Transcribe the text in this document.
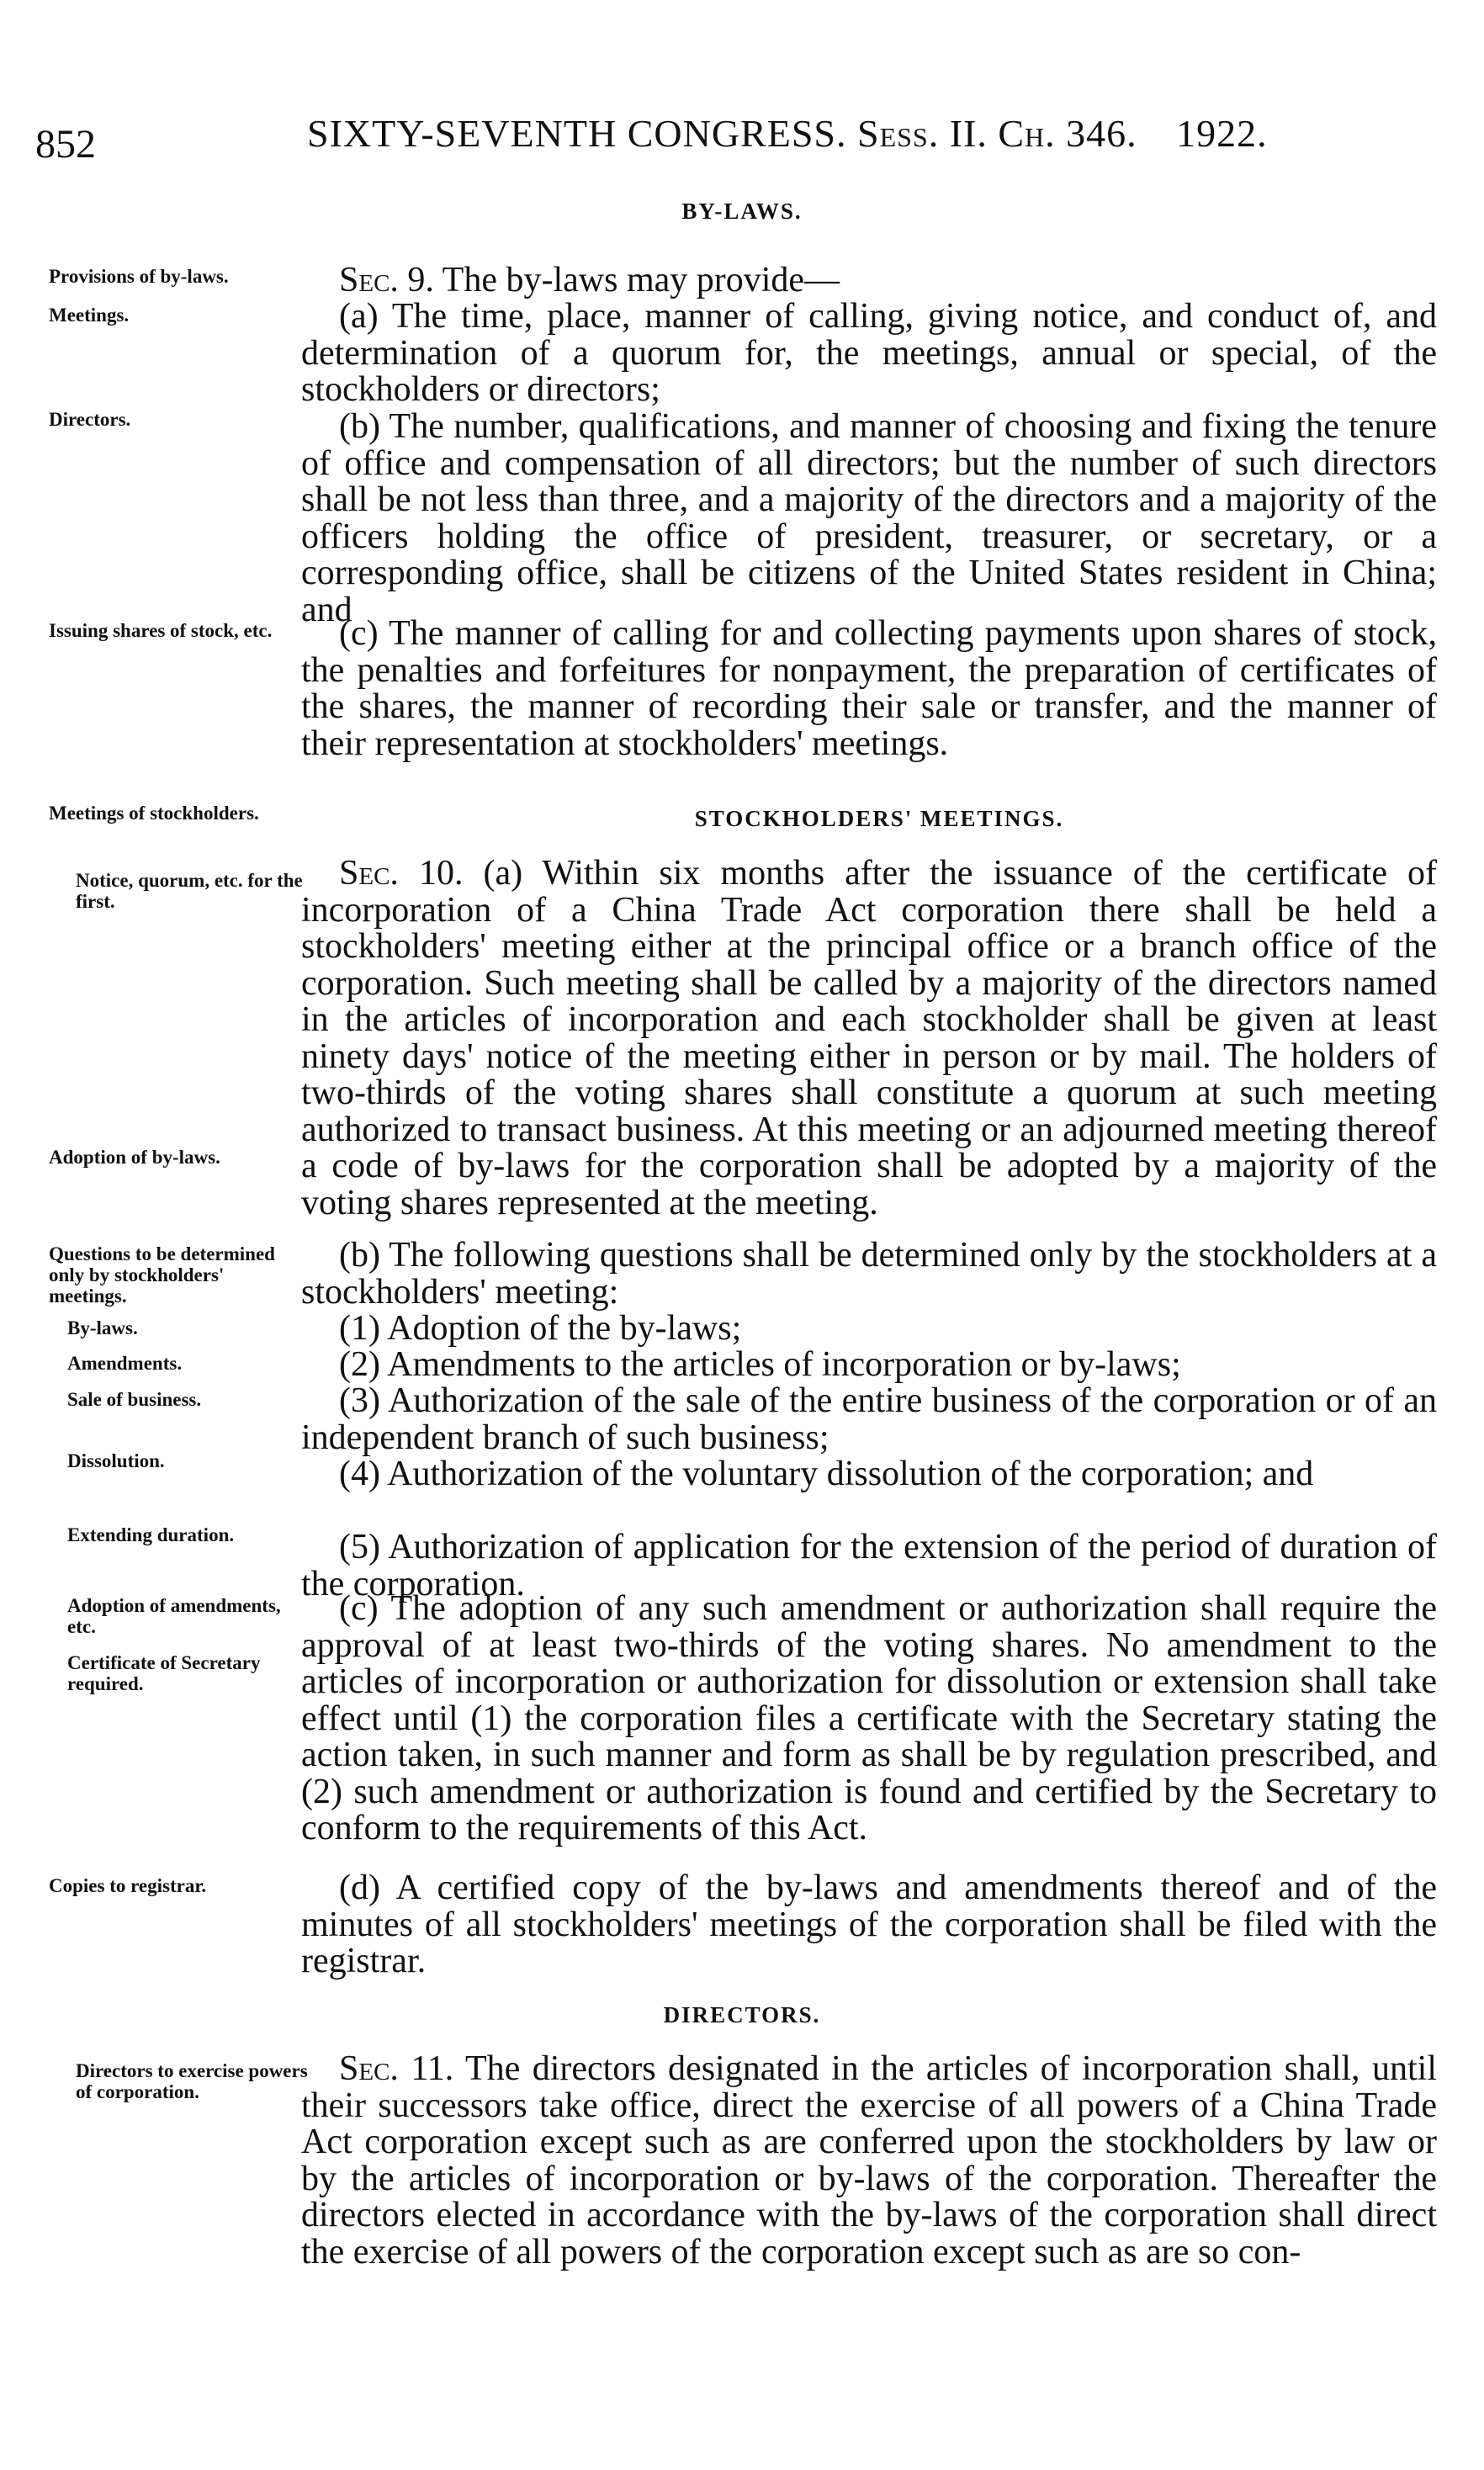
852	SIXTY-SEVENTH CONGRESS. Sess. II. Ch. 346. 1922.
BY-LAWS.
Provisions of by-laws.
Meetings.
Directors.
Issuing shares of stock, etc.
Sec. 9. The by-laws may provide—
(a) The time, place, manner of calling, giving notice, and conduct of, and determination of a quorum for, the meetings, annual or special, of the stockholders or directors;
(b) The number, qualifications, and manner of choosing and fixing the tenure of office and compensation of all directors; but the number of such directors shall be not less than three, and a majority of the directors and a majority of the officers holding the office of president, treasurer, or secretary, or a corresponding office, shall be citizens of the United States resident in China; and
(c) The manner of calling for and collecting payments upon shares of stock, the penalties and forfeitures for nonpayment, the preparation of certificates of the shares, the manner of recording their sale or transfer, and the manner of their representation at stockholders' meetings.
Meetings of stockholders.	STOCKHOLDERS' MEETINGS.
Notice, quorum, etc. for the first.
Adoption of by-laws.
Questions to be determined only by stockholders' meetings.
By-laws.
Amendments.
Sale of business.
Dissolution.
Extending duration.
Adoption of amendments, etc.
Certificate of Secretary required.
Copies to registrar.
Sec. 10. (a) Within six months after the issuance of the certificate of incorporation of a China Trade Act corporation there shall be held a stockholders' meeting either at the principal office or a branch office of the corporation. Such meeting shall be called by a majority of the directors named in the articles of incorporation and each stockholder shall be given at least ninety days' notice of the meeting either in person or by mail. The holders of two-thirds of the voting shares shall constitute a quorum at such meeting authorized to transact business. At this meeting or an adjourned meeting thereof a code of by-laws for the corporation shall be adopted by a majority of the voting shares represented at the meeting.
(b) The following questions shall be determined only by the stockholders at a stockholders' meeting:
(1) Adoption of the by-laws;
(2) Amendments to the articles of incorporation or by-laws;
(3) Authorization of the sale of the entire business of the corporation or of an independent branch of such business;
(4) Authorization of the voluntary dissolution of the corporation; and
(5) Authorization of application for the extension of the period of duration of the corporation.
(c) The adoption of any such amendment or authorization shall require the approval of at least two-thirds of the voting shares. No amendment to the articles of incorporation or authorization for dissolution or extension shall take effect until (1) the corporation files a certificate with the Secretary stating the action taken, in such manner and form as shall be by regulation prescribed, and (2) such amendment or authorization is found and certified by the Secretary to conform to the requirements of this Act.
(d) A certified copy of the by-laws and amendments thereof and of the minutes of all stockholders' meetings of the corporation shall be filed with the registrar.
DIRECTORS.
Directors to exercise powers of corporation.
Sec. 11. The directors designated in the articles of incorporation shall, until their successors take office, direct the exercise of all powers of a China Trade Act corporation except such as are conferred upon the stockholders by law or by the articles of incorporation or by-laws of the corporation. Thereafter the directors elected in accordance with the by-laws of the corporation shall direct the exercise of all powers of the corporation except such as are so con-
